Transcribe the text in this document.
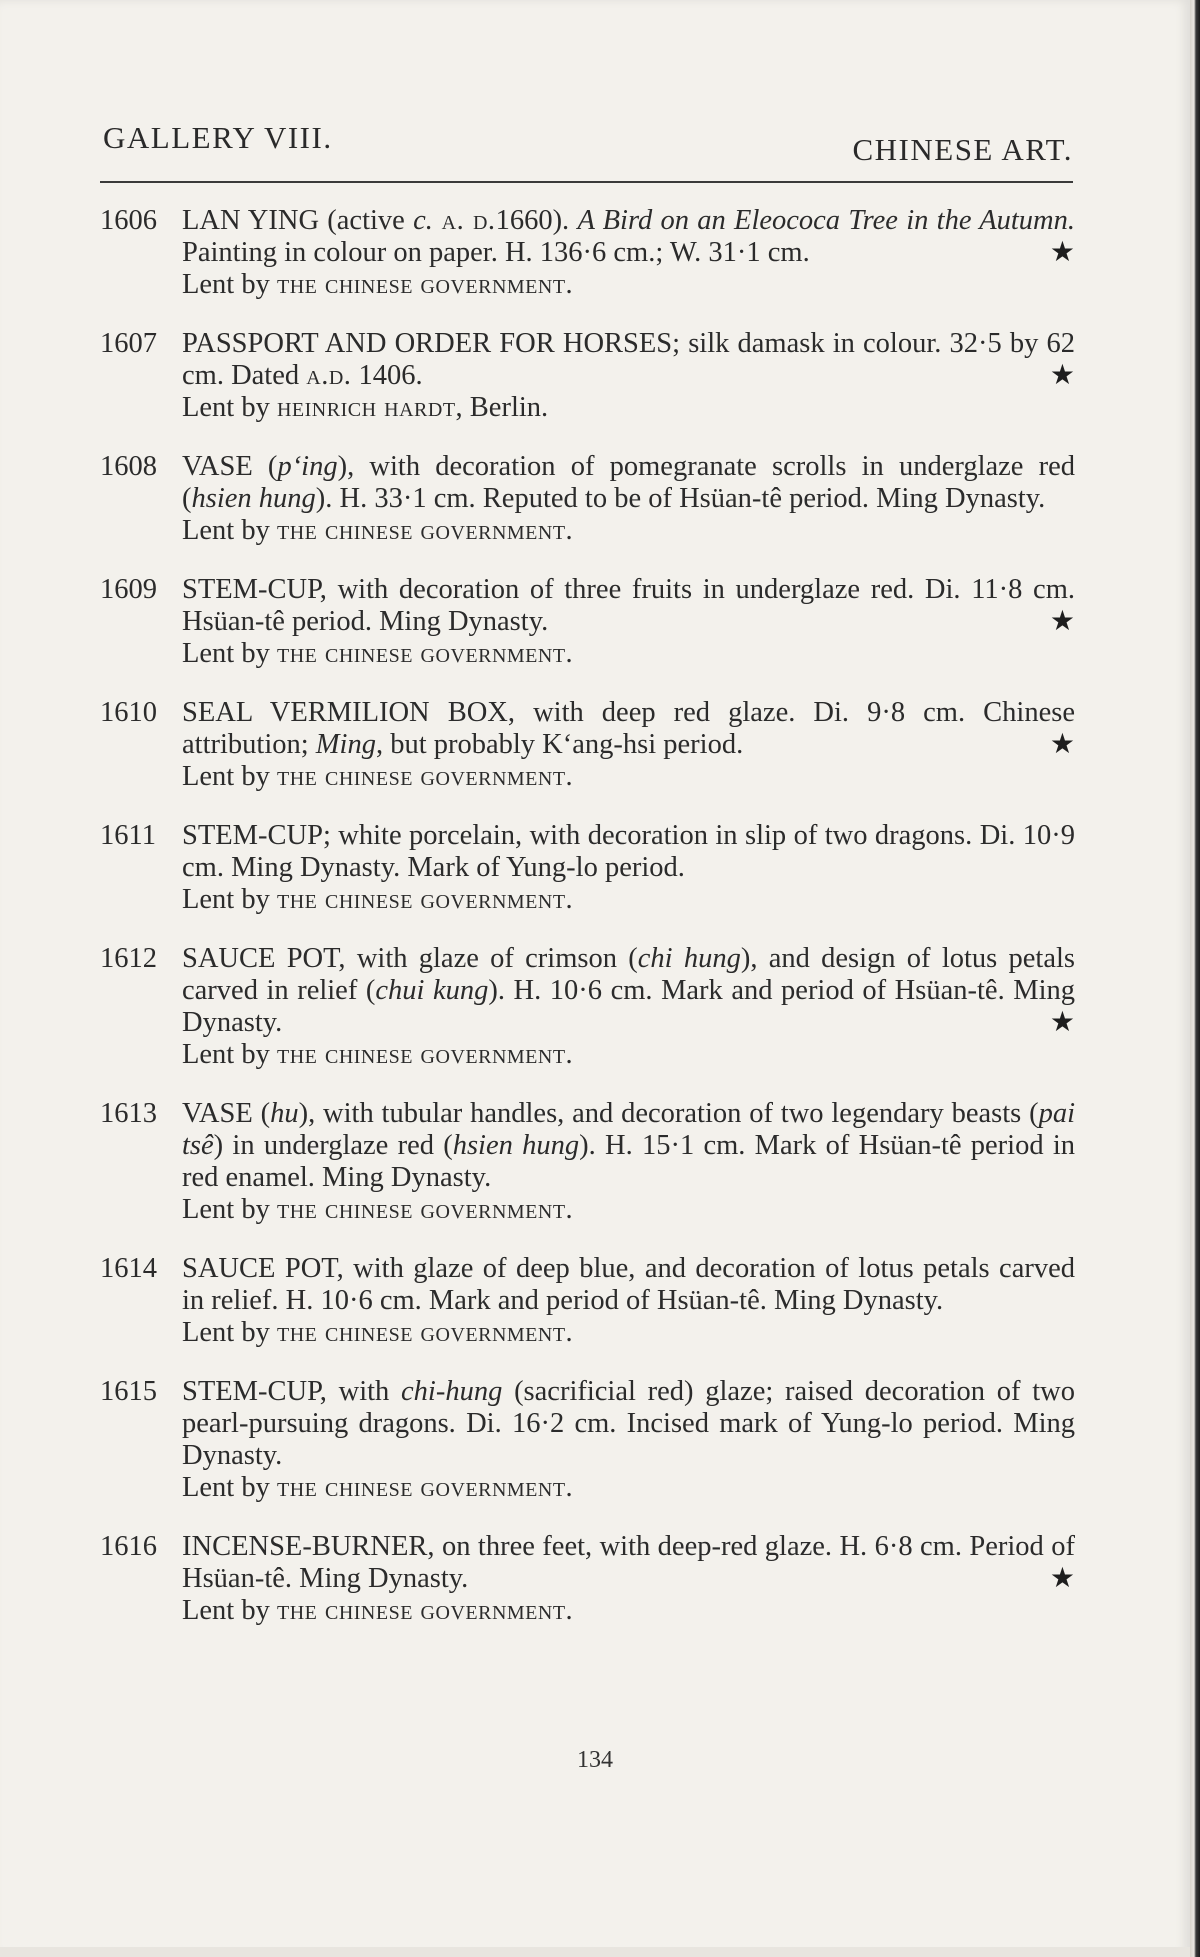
GALLERY VIII.	CHINESE ART.
1606 LAN YING (active c. a. d.1660). A Bird on an Eleococa Tree in the Autumn. Painting in colour on paper. H. 136·6 cm.; W. 31·1 cm.	★
Lent by the chinese government.
1607 PASSPORT AND ORDER FOR HORSES; silk damask in colour. 32·5 by 62 cm. Dated a.d. 1406.	★
Lent by heinrich hardt, Berlin.
1608 VASE (p‘ing), with decoration of pomegranate scrolls in underglaze red (hsien hung). H. 33·1 cm. Reputed to be of Hsüan-tê period. Ming Dynasty.
Lent by the chinese government.
1609 STEM-CUP, with decoration of three fruits in underglaze red. Di. 11·8 cm. Hsüan-tê period. Ming Dynasty.	★
Lent by the chinese government.
1610 SEAL VERMILION BOX, with deep red glaze. Di. 9·8 cm. Chinese attribution; Ming, but probably K‘ang-hsi period.	★
Lent by the chinese government.
1611 STEM-CUP; white porcelain, with decoration in slip of two dragons. Di. 10·9 cm. Ming Dynasty. Mark of Yung-lo period.
Lent by the chinese government.
1612 SAUCE POT, with glaze of crimson (chi hung), and design of lotus petals carved in relief (chui kung). H. 10·6 cm. Mark and period of Hsüan-tê. Ming Dynasty.	★
Lent by the chinese government.
1613 VASE (hu), with tubular handles, and decoration of two legendary beasts (pai tsê) in underglaze red (hsien hung). H. 15·1 cm. Mark of Hsüan-tê period in red enamel. Ming Dynasty.
Lent by the chinese government.
1614 SAUCE POT, with glaze of deep blue, and decoration of lotus petals carved in relief. H. 10·6 cm. Mark and period of Hsüan-tê. Ming Dynasty.
Lent by the chinese government.
1615 STEM-CUP, with chi-hung (sacrificial red) glaze; raised decoration of two pearl-pursuing dragons. Di. 16·2 cm. Incised mark of Yung-lo period. Ming Dynasty.
Lent by the chinese government.
1616 INCENSE-BURNER, on three feet, with deep-red glaze. H. 6·8 cm. Period of Hsüan-tê. Ming Dynasty.	★
Lent by the chinese government.
134
